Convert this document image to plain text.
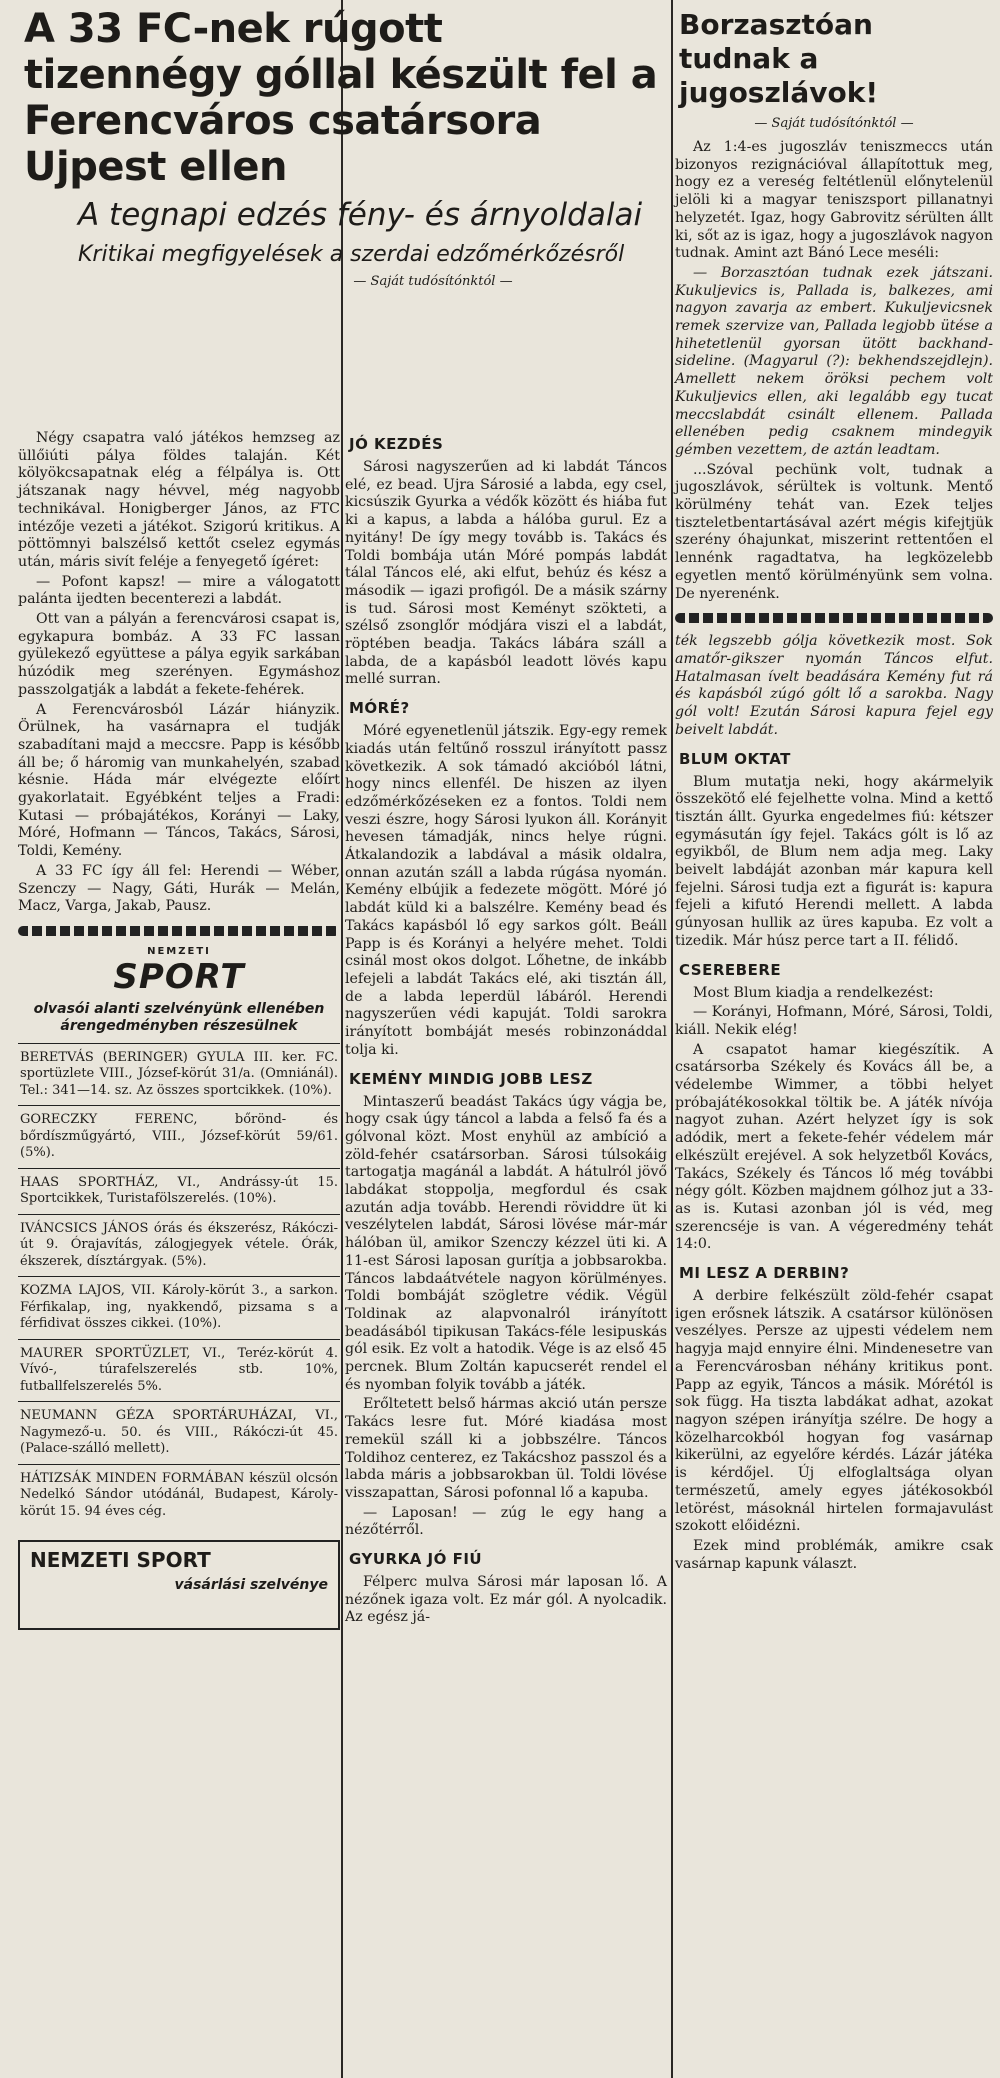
A 33 FC-nek rúgott tizennégy góllal készült fel a Ferencváros csatársora Ujpest ellen
A tegnapi edzés fény- és árnyoldalai
Kritikai megfigyelések a szerdai edzőmérkőzésről
— Saját tudósítónktól —

Négy csapatra való játékos hemzseg az üllőiúti pálya földes talaján. Két kölyökcsapatnak elég a félpálya is. Ott játszanak nagy hévvel, még nagyobb technikával. Honigberger János, az FTC intézője vezeti a játékot. Szigorú kritikus. A pöttömnyi balszélső kettőt cselez egymás után, máris sivít feléje a fenyegető ígéret:

— Pofont kapsz! — mire a válogatott palánta ijedten becenterezi a labdát.

Ott van a pályán a ferencvárosi csapat is, egykapura bombáz. A 33 FC lassan gyülekező együttese a pálya egyik sarkában húzódik meg szerényen. Egymáshoz passzolgatják a labdát a fekete-fehérek.

A Ferencvárosból Lázár hiányzik. Örülnek, ha vasárnapra el tudják szabadítani majd a meccsre. Papp is később áll be; ő háromig van munkahelyén, szabad késnie. Háda már elvégezte előírt gyakorlatait. Egyébként teljes a Fradi: Kutasi — próbajátékos, Korányi — Laky, Móré, Hofmann — Táncos, Takács, Sárosi, Toldi, Kemény.

A 33 FC így áll fel: Herendi — Wéber, Szenczy — Nagy, Gáti, Hurák — Melán, Macz, Varga, Jakab, Pausz.

NEMZETI
SPORT
olvasói alanti szelvényünk ellenében árengedményben részesülnek
BERETVÁS (BERINGER) GYULA III. ker. FC. sportüzlete VIII., József-körút 31/a. (Omniánál). Tel.: 341—14. sz. Az összes sportcikkek. (10%).
GORECZKY FERENC, bőrönd- és bőrdíszműgyártó, VIII., József-körút 59/61. (5%).
HAAS SPORTHÁZ, VI., Andrássy-út 15. Sportcikkek, Turistafölszerelés. (10%).
IVÁNCSICS JÁNOS órás és ékszerész, Rákóczi-út 9. Órajavítás, zálogjegyek vétele. Órák, ékszerek, dísztárgyak. (5%).
KOZMA LAJOS, VII. Károly-körút 3., a sarkon. Férfikalap, ing, nyakkendő, pizsama s a férfidivat összes cikkei. (10%).
MAURER SPORTÜZLET, VI., Teréz-körút 4. Vívó-, túrafelszerelés stb. 10%, futballfelszerelés 5%.
NEUMANN GÉZA SPORTÁRUHÁZAI, VI., Nagymező-u. 50. és VIII., Rákóczi-út 45. (Palace-szálló mellett).
HÁTIZSÁK MINDEN FORMÁBAN készül olcsón Nedelkó Sándor utódánál, Budapest, Károly-körút 15. 94 éves cég.
NEMZETI SPORT
vásárlási szelvénye
JÓ KEZDÉS

Sárosi nagyszerűen ad ki labdát Táncos elé, ez bead. Ujra Sárosié a labda, egy csel, kicsúszik Gyurka a védők között és hiába fut ki a kapus, a labda a hálóba gurul. Ez a nyitány! De így megy tovább is. Takács és Toldi bombája után Móré pompás labdát tálal Táncos elé, aki elfut, behúz és kész a második — igazi profigól. De a másik szárny is tud. Sárosi most Keményt szökteti, a szélső zsonglőr módjára viszi el a labdát, röptében beadja. Takács lábára száll a labda, de a kapásból leadott lövés kapu mellé surran.

MÓRÉ?

Móré egyenetlenül játszik. Egy-egy remek kiadás után feltűnő rosszul irányított passz következik. A sok támadó akcióból látni, hogy nincs ellenfél. De hiszen az ilyen edzőmérkőzéseken ez a fontos. Toldi nem veszi észre, hogy Sárosi lyukon áll. Korányit hevesen támadják, nincs helye rúgni. Átkalandozik a labdával a másik oldalra, onnan azután száll a labda rúgása nyomán. Kemény elbújik a fedezete mögött. Móré jó labdát küld ki a balszélre. Kemény bead és Takács kapásból lő egy sarkos gólt. Beáll Papp is és Korányi a helyére mehet. Toldi csinál most okos dolgot. Lőhetne, de inkább lefejeli a labdát Takács elé, aki tisztán áll, de a labda leperdül lábáról. Herendi nagyszerűen védi kapuját. Toldi sarokra irányított bombáját mesés robinzonáddal tolja ki.

KEMÉNY MINDIG JOBB LESZ

Mintaszerű beadást Takács úgy vágja be, hogy csak úgy táncol a labda a felső fa és a gólvonal közt. Most enyhül az ambíció a zöld-fehér csatársorban. Sárosi túlsokáig tartogatja magánál a labdát. A hátulról jövő labdákat stoppolja, megfordul és csak azután adja tovább. Herendi röviddre üt ki veszélytelen labdát, Sárosi lövése már-már hálóban ül, amikor Szenczy kézzel üti ki. A 11-est Sárosi laposan gurítja a jobbsarokba. Táncos labdaátvétele nagyon körülményes. Toldi bombáját szögletre védik. Végül Toldinak az alapvonalról irányított beadásából tipikusan Takács-féle lesipuskás gól esik. Ez volt a hatodik. Vége is az első 45 percnek. Blum Zoltán kapucserét rendel el és nyomban folyik tovább a játék.

Erőltetett belső hármas akció után persze Takács lesre fut. Móré kiadása most remekül száll ki a jobbszélre. Táncos Toldihoz centerez, ez Takácshoz passzol és a labda máris a jobbsarokban ül. Toldi lövése visszapattan, Sárosi pofonnal lő a kapuba.

— Laposan! — zúg le egy hang a nézőtérről.

GYURKA JÓ FIÚ

Félperc mulva Sárosi már laposan lő. A nézőnek igaza volt. Ez már gól. A nyolcadik. Az egész já-

Borzasztóan tudnak a jugoszlávok!
— Saját tudósítónktól —

Az 1:4-es jugoszláv teniszmeccs után bizonyos rezignációval állapítottuk meg, hogy ez a vereség feltétlenül előnytelenül jelöli ki a magyar teniszsport pillanatnyi helyzetét. Igaz, hogy Gabrovitz sérülten állt ki, sőt az is igaz, hogy a jugoszlávok nagyon tudnak. Amint azt Bánó Lece meséli:

— Borzasztóan tudnak ezek játszani. Kukuljevics is, Pallada is, balkezes, ami nagyon zavarja az embert. Kukuljevicsnek remek szervize van, Pallada legjobb ütése a hihetetlenül gyorsan ütött backhand-sideline. (Magyarul (?): bekhendszejdlejn). Amellett nekem öröksi pechem volt Kukuljevics ellen, aki legalább egy tucat meccslabdát csinált ellenem. Pallada ellenében pedig csaknem mindegyik gémben vezettem, de aztán leadtam.

...Szóval pechünk volt, tudnak a jugoszlávok, sérültek is voltunk. Mentő körülmény tehát van. Ezek teljes tiszteletbentartásával azért mégis kifejtjük szerény óhajunkat, miszerint rettentően el lennénk ragadtatva, ha legközelebb egyetlen mentő körülményünk sem volna. De nyerenénk.

ték legszebb gólja következik most. Sok amatőr-gikszer nyomán Táncos elfut. Hatalmasan ívelt beadására Kemény fut rá és kapásból zúgó gólt lő a sarokba. Nagy gól volt! Ezután Sárosi kapura fejel egy beivelt labdát.

BLUM OKTAT

Blum mutatja neki, hogy akármelyik összekötő elé fejelhette volna. Mind a kettő tisztán állt. Gyurka engedelmes fiú: kétszer egymásután így fejel. Takács gólt is lő az egyikből, de Blum nem adja meg. Laky beivelt labdáját azonban már kapura kell fejelni. Sárosi tudja ezt a figurát is: kapura fejeli a kifutó Herendi mellett. A labda gúnyosan hullik az üres kapuba. Ez volt a tizedik. Már húsz perce tart a II. félidő.

CSEREBERE

Most Blum kiadja a rendelkezést:

— Korányi, Hofmann, Móré, Sárosi, Toldi, kiáll. Nekik elég!

A csapatot hamar kiegészítik. A csatársorba Székely és Kovács áll be, a védelembe Wimmer, a többi helyet próbajátékosokkal töltik be. A játék nívója nagyot zuhan. Azért helyzet így is sok adódik, mert a fekete-fehér védelem már elkészült erejével. A sok helyzetből Kovács, Takács, Székely és Táncos lő még további négy gólt. Közben majdnem gólhoz jut a 33-as is. Kutasi azonban jól is véd, meg szerencséje is van. A végeredmény tehát 14:0.

MI LESZ A DERBIN?

A derbire felkészült zöld-fehér csapat igen erősnek látszik. A csatársor különösen veszélyes. Persze az ujpesti védelem nem hagyja majd ennyire élni. Mindenesetre van a Ferencvárosban néhány kritikus pont. Papp az egyik, Táncos a másik. Mórétól is sok függ. Ha tiszta labdákat adhat, azokat nagyon szépen irányítja szélre. De hogy a közelharcokból hogyan fog vasárnap kikerülni, az egyelőre kérdés. Lázár játéka is kérdőjel. Új elfoglaltsága olyan természetű, amely egyes játékosokból letörést, másoknál hirtelen formajavulást szokott előidézni.

Ezek mind problémák, amikre csak vasárnap kapunk választ.
